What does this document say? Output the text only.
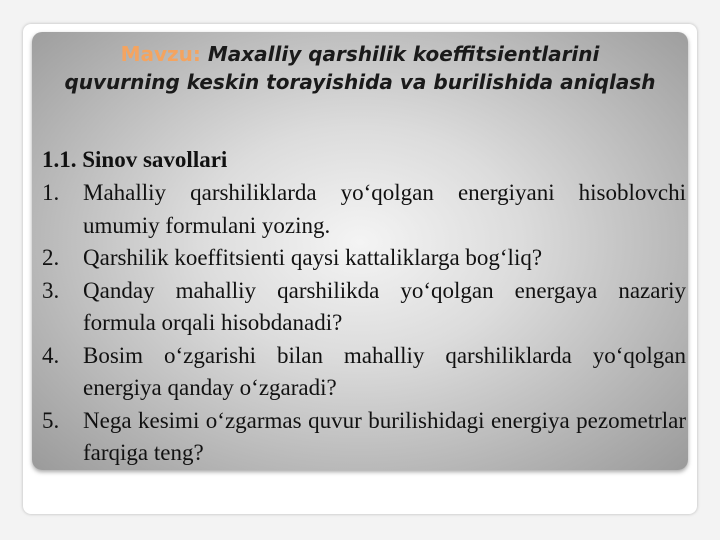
Mavzu: Maxalliy qarshilik koeffitsientlarini quvurning keskin torayishida va burilishida aniqlash
1.1. Sinov savollari
1. Mahalliy qarshiliklarda yo‘qolgan energiyani hisoblovchi umumiy formulani yozing.
2. Qarshilik koeffitsienti qaysi kattaliklarga bog‘liq?
3. Qanday mahalliy qarshilikda yo‘qolgan energaya nazariy formula orqali hisobdanadi?
4. Bosim o‘zgarishi bilan mahalliy qarshiliklarda yo‘qolgan energiya qanday o‘zgaradi?
5. Nega kesimi o‘zgarmas quvur burilishidagi energiya pezometrlar farqiga teng?
